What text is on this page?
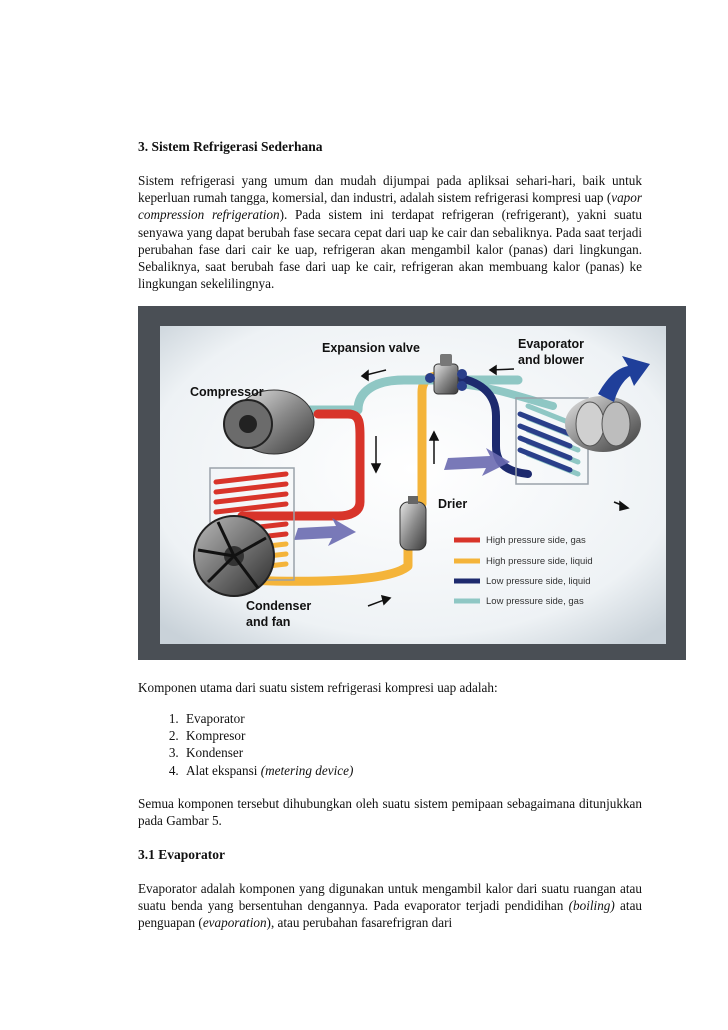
3. Sistem Refrigerasi Sederhana
Sistem refrigerasi yang umum dan mudah dijumpai pada apliksai sehari-hari, baik untuk keperluan rumah tangga, komersial, dan industri, adalah sistem refrigerasi kompresi uap (vapor compression refrigeration). Pada sistem ini terdapat refrigeran (refrigerant), yakni suatu senyawa yang dapat berubah fase secara cepat dari uap ke cair dan sebaliknya. Pada saat terjadi perubahan fase dari cair ke uap, refrigeran akan mengambil kalor (panas) dari lingkungan. Sebaliknya, saat berubah fase dari uap ke cair, refrigeran akan membuang kalor (panas) ke lingkungan sekelilingnya.
Expansion valve	Evaporator
and blower
Compressor
Drier
Condenser
and fan
High pressure side, gas
High pressure side, liquid
Low pressure side, liquid
Low pressure side, gas
Komponen utama dari suatu sistem refrigerasi kompresi uap adalah:
1. Evaporator
2. Kompresor
3. Kondenser
4. Alat ekspansi (metering device)
Semua komponen tersebut dihubungkan oleh suatu sistem pemipaan sebagaimana ditunjukkan pada Gambar 5.
3.1 Evaporator
Evaporator adalah komponen yang digunakan untuk mengambil kalor dari suatu ruangan atau suatu benda yang bersentuhan dengannya. Pada evaporator terjadi pendidihan (boiling) atau penguapan (evaporation), atau perubahan fasarefrigran dari
